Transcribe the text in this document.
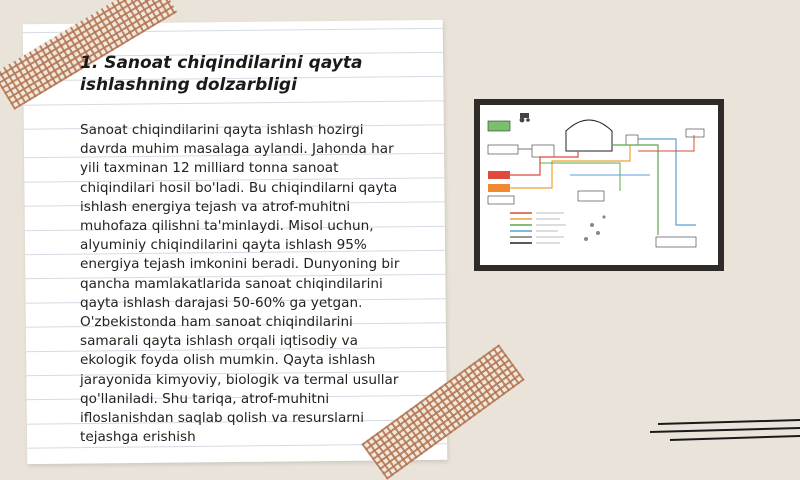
1. Sanoat chiqindilarini qayta ishlashning dolzarbligi

Sanoat chiqindilarini qayta ishlash hozirgi davrda muhim masalaga aylandi. Jahonda har yili taxminan 12 milliard tonna sanoat chiqindilari hosil bo'ladi. Bu chiqindilarni qayta ishlash energiya tejash va atrof-muhitni muhofaza qilishni ta'minlaydi. Misol uchun, alyuminiy chiqindilarini qayta ishlash 95% energiya tejash imkonini beradi. Dunyoning bir qancha mamlakatlarida sanoat chiqindilarini qayta ishlash darajasi 50-60% ga yetgan. O'zbekistonda ham sanoat chiqindilarini samarali qayta ishlash orqali iqtisodiy va ekologik foyda olish mumkin. Qayta ishlash jarayonida kimyoviy, biologik va termal usullar qo'llaniladi. Shu tariqa, atrof-muhitni ifloslanishdan saqlab qolish va resurslarni tejashga erishish
